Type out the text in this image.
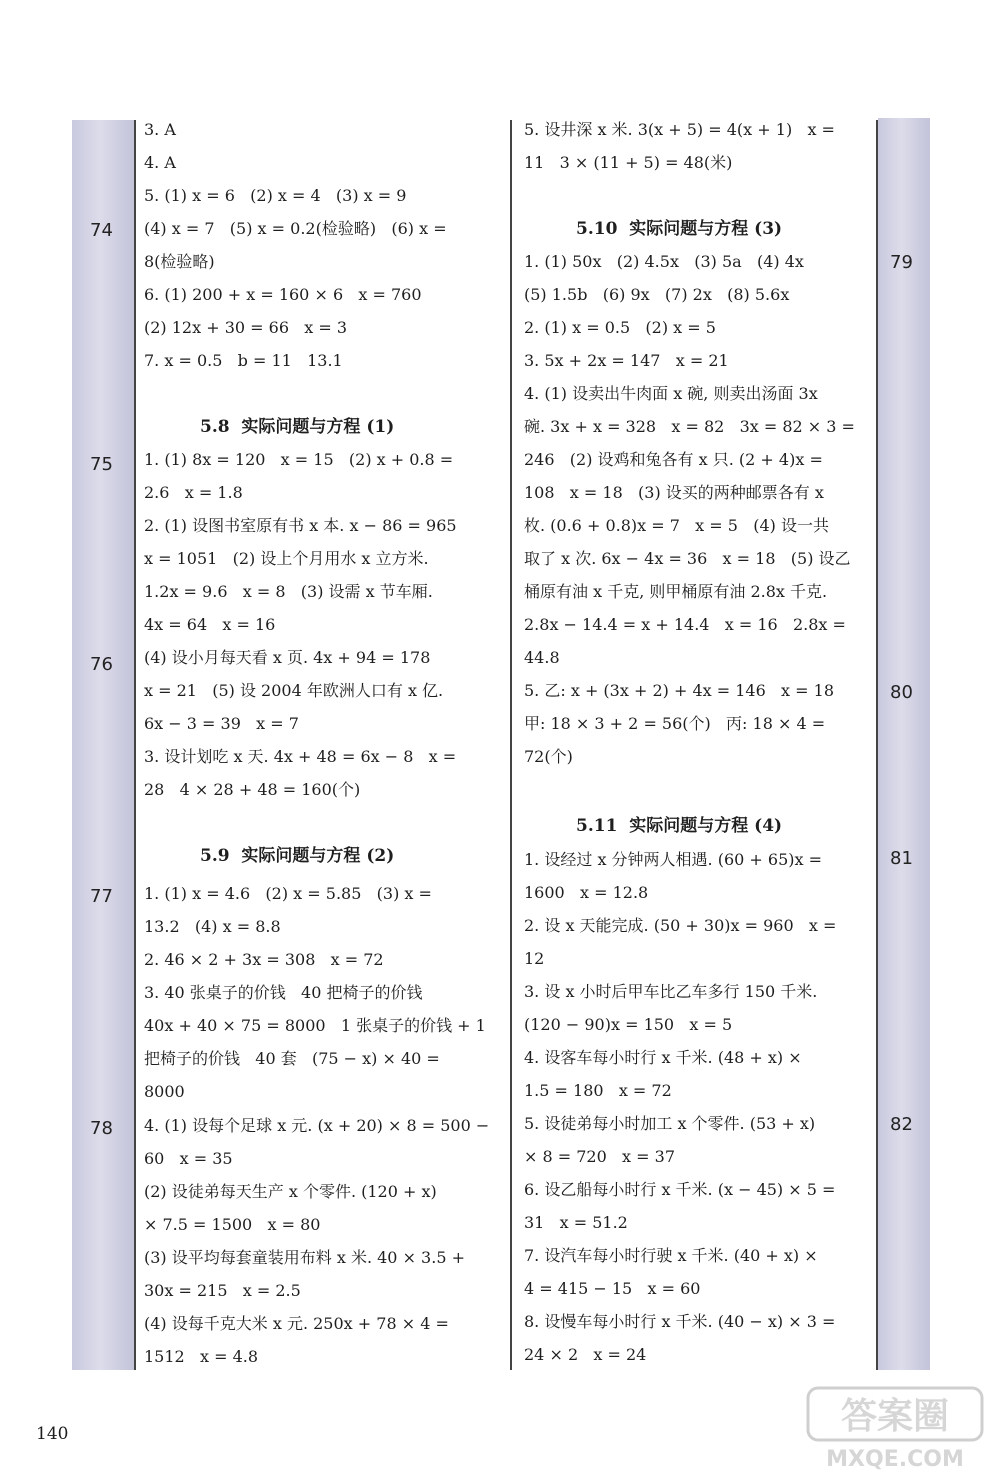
74
75
76
77
78
79
80
81
82
3. A
4. A
5. (1) x = 6   (2) x = 4   (3) x = 9
(4) x = 7   (5) x = 0.2(检验略)   (6) x =
8(检验略)
6. (1) 200 + x = 160 × 6   x = 760
(2) 12x + 30 = 66   x = 3
7. x = 0.5   b = 11   13.1
5.8  实际问题与方程 (1)
1. (1) 8x = 120   x = 15   (2) x + 0.8 =
2.6   x = 1.8
2. (1) 设图书室原有书 x 本. x − 86 = 965
x = 1051   (2) 设上个月用水 x 立方米.
1.2x = 9.6   x = 8   (3) 设需 x 节车厢.
4x = 64   x = 16
(4) 设小月每天看 x 页. 4x + 94 = 178
x = 21   (5) 设 2004 年欧洲人口有 x 亿.
6x − 3 = 39   x = 7
3. 设计划吃 x 天. 4x + 48 = 6x − 8   x =
28   4 × 28 + 48 = 160(个)
5.9  实际问题与方程 (2)
1. (1) x = 4.6   (2) x = 5.85   (3) x =
13.2   (4) x = 8.8
2. 46 × 2 + 3x = 308   x = 72
3. 40 张桌子的价钱   40 把椅子的价钱
40x + 40 × 75 = 8000   1 张桌子的价钱 + 1
把椅子的价钱   40 套   (75 − x) × 40 =
8000
4. (1) 设每个足球 x 元. (x + 20) × 8 = 500 −
60   x = 35
(2) 设徒弟每天生产 x 个零件. (120 + x)
× 7.5 = 1500   x = 80
(3) 设平均每套童装用布料 x 米. 40 × 3.5 +
30x = 215   x = 2.5
(4) 设每千克大米 x 元. 250x + 78 × 4 =
1512   x = 4.8
5. 设井深 x 米. 3(x + 5) = 4(x + 1)   x =
11   3 × (11 + 5) = 48(米)
5.10  实际问题与方程 (3)
1. (1) 50x   (2) 4.5x   (3) 5a   (4) 4x
(5) 1.5b   (6) 9x   (7) 2x   (8) 5.6x
2. (1) x = 0.5   (2) x = 5
3. 5x + 2x = 147   x = 21
4. (1) 设卖出牛肉面 x 碗, 则卖出汤面 3x
碗. 3x + x = 328   x = 82   3x = 82 × 3 =
246   (2) 设鸡和兔各有 x 只. (2 + 4)x =
108   x = 18   (3) 设买的两种邮票各有 x
枚. (0.6 + 0.8)x = 7   x = 5   (4) 设一共
取了 x 次. 6x − 4x = 36   x = 18   (5) 设乙
桶原有油 x 千克, 则甲桶原有油 2.8x 千克.
2.8x − 14.4 = x + 14.4   x = 16   2.8x =
44.8
5. 乙: x + (3x + 2) + 4x = 146   x = 18
甲: 18 × 3 + 2 = 56(个)   丙: 18 × 4 =
72(个)
5.11  实际问题与方程 (4)
1. 设经过 x 分钟两人相遇. (60 + 65)x =
1600   x = 12.8
2. 设 x 天能完成. (50 + 30)x = 960   x =
12
3. 设 x 小时后甲车比乙车多行 150 千米.
(120 − 90)x = 150   x = 5
4. 设客车每小时行 x 千米. (48 + x) ×
1.5 = 180   x = 72
5. 设徒弟每小时加工 x 个零件. (53 + x)
× 8 = 720   x = 37
6. 设乙船每小时行 x 千米. (x − 45) × 5 =
31   x = 51.2
7. 设汽车每小时行驶 x 千米. (40 + x) ×
4 = 415 − 15   x = 60
8. 设慢车每小时行 x 千米. (40 − x) × 3 =
24 × 2   x = 24
140	答案圈
MXQE.COM
